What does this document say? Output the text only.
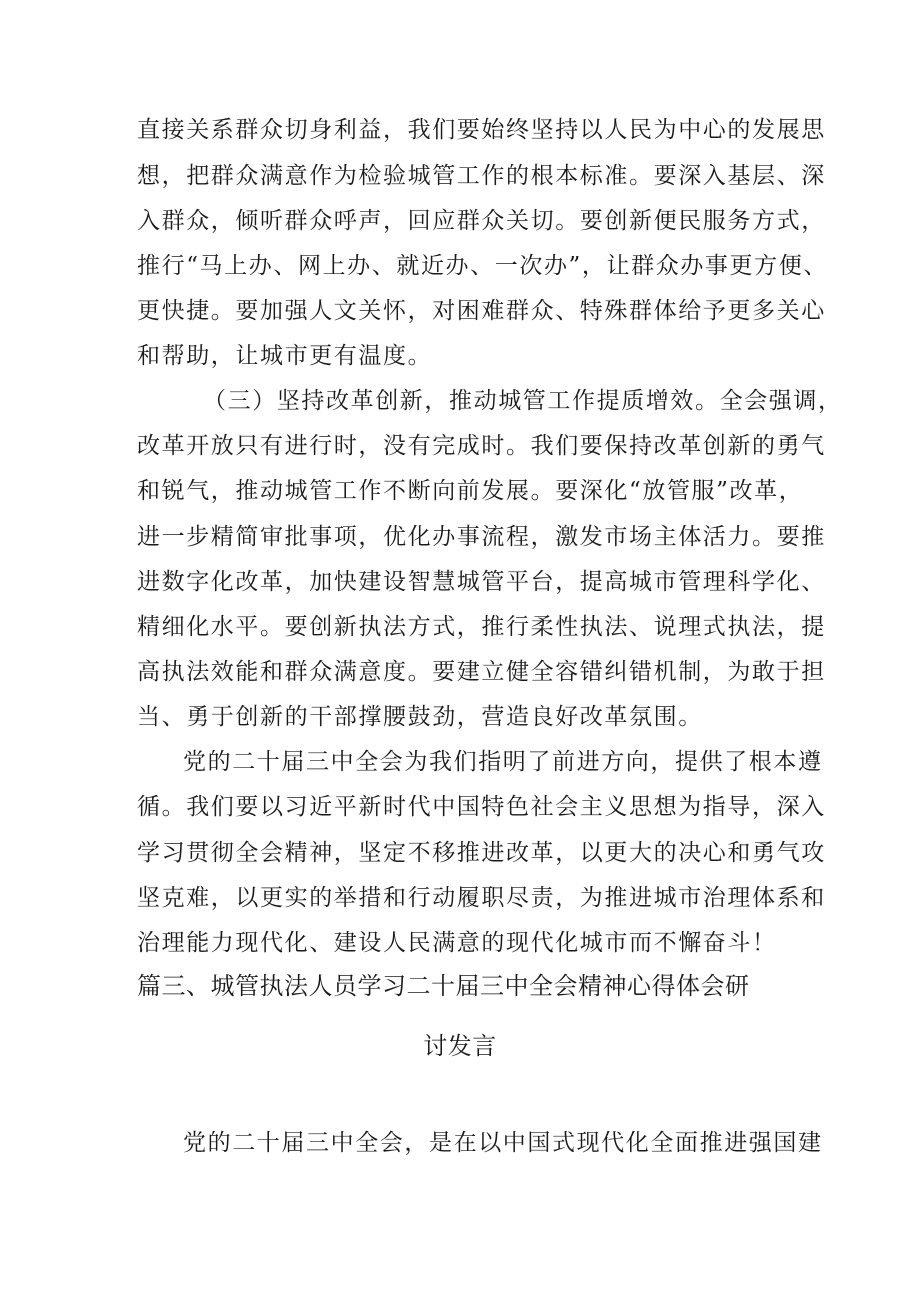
直接关系群众切身利益，我们要始终坚持以人民为中心的发展思
想，把群众满意作为检验城管工作的根本标准。要深入基层、深
入群众，倾听群众呼声，回应群众关切。要创新便民服务方式，
推行“马上办、网上办、就近办、一次办”，让群众办事更方便、
更快捷。要加强人文关怀，对困难群众、特殊群体给予更多关心
和帮助，让城市更有温度。
（三）坚持改革创新，推动城管工作提质增效。全会强调，
改革开放只有进行时，没有完成时。我们要保持改革创新的勇气
和锐气，推动城管工作不断向前发展。要深化“放管服”改革，
进一步精简审批事项，优化办事流程，激发市场主体活力。要推
进数字化改革，加快建设智慧城管平台，提高城市管理科学化、
精细化水平。要创新执法方式，推行柔性执法、说理式执法，提
高执法效能和群众满意度。要建立健全容错纠错机制，为敢于担
当、勇于创新的干部撑腰鼓劲，营造良好改革氛围。
党的二十届三中全会为我们指明了前进方向，提供了根本遵
循。我们要以习近平新时代中国特色社会主义思想为指导，深入
学习贯彻全会精神，坚定不移推进改革，以更大的决心和勇气攻
坚克难，以更实的举措和行动履职尽责，为推进城市治理体系和
治理能力现代化、建设人民满意的现代化城市而不懈奋斗！
篇三、城管执法人员学习二十届三中全会精神心得体会研
讨发言
党的二十届三中全会，是在以中国式现代化全面推进强国建
